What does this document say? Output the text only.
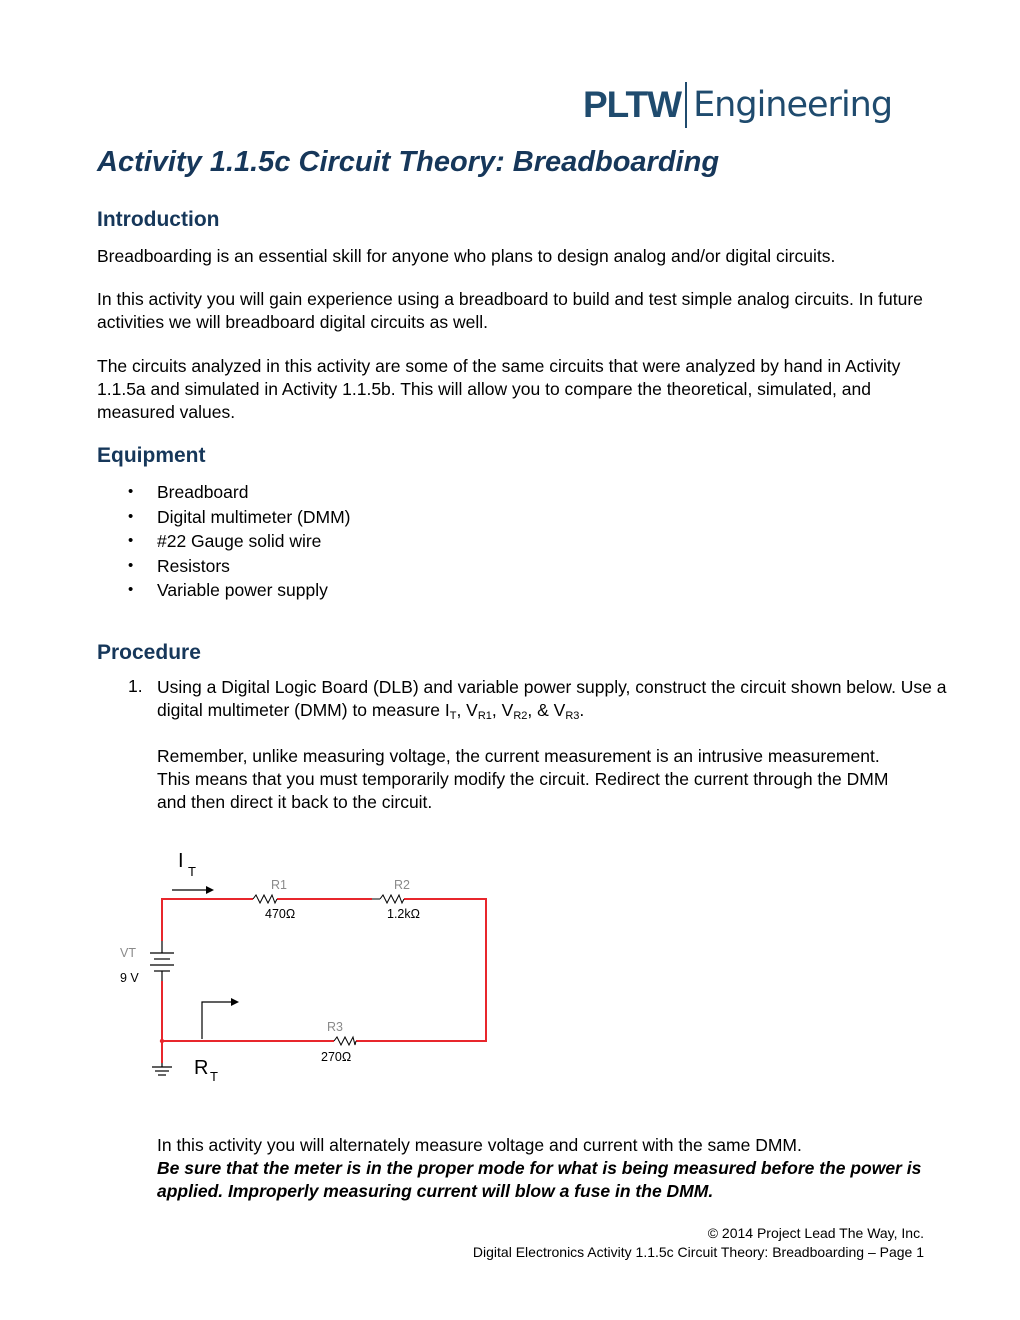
PLTW Engineering
Activity 1.1.5c Circuit Theory: Breadboarding
Introduction

Breadboarding is an essential skill for anyone who plans to design analog and/or digital circuits.

In this activity you will gain experience using a breadboard to build and test simple analog circuits. In future activities we will breadboard digital circuits as well.

The circuits analyzed in this activity are some of the same circuits that were analyzed by hand in Activity 1.1.5a and simulated in Activity 1.1.5b. This will allow you to compare the theoretical, simulated, and measured values.

Equipment
• Breadboard
• Digital multimeter (DMM)
• #22 Gauge solid wire
• Resistors
• Variable power supply
Procedure
1. Using a Digital Logic Board (DLB) and variable power supply, construct the circuit shown below. Use a digital multimeter (DMM) to measure $I_T$, $V_{R1}$, $V_{R2}$, & $V_{R3}$.

Remember, unlike measuring voltage, the current measurement is an intrusive measurement. This means that you must temporarily modify the circuit. Redirect the current through the DMM and then direct it back to the circuit.

I T
R1
470Ω
R2
1.2kΩ
R3
270Ω
VT
9 V
R T

In this activity you will alternately measure voltage and current with the same DMM.

Be sure that the meter is in the proper mode for what is being measured before the power is applied. Improperly measuring current will blow a fuse in the DMM.

© 2014 Project Lead The Way, Inc.
Digital Electronics Activity 1.1.5c Circuit Theory: Breadboarding – Page 1
